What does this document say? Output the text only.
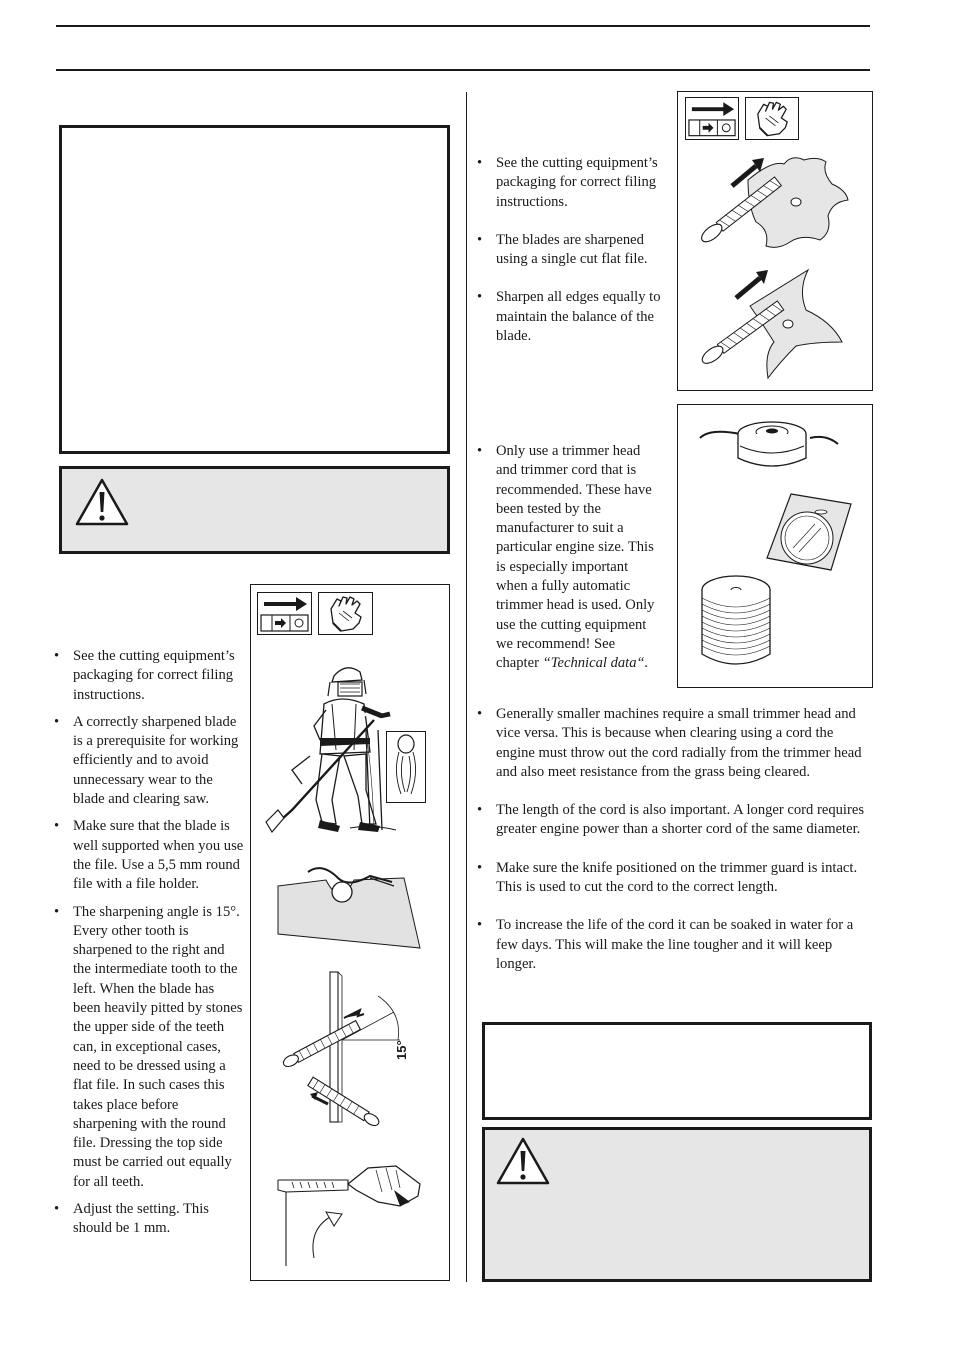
15°
• See the cutting equipment’s packaging for correct filing instructions.
• A correctly sharpened blade is a prerequisite for working efficiently and to avoid unnecessary wear to the blade and clearing saw.
• Make sure that the blade is well supported when you use the file. Use a 5,5 mm round file with a file holder.
• The sharpening angle is 15°. Every other tooth is sharpened to the right and the intermediate tooth to the left. When the blade has been heavily pitted by stones the upper side of the teeth can, in exceptional cases, need to be dressed using a flat file. In such cases this takes place before sharpening with the round file. Dressing the top side must be carried out equally for all teeth.
• Adjust the setting. This should be 1 mm.
• See the cutting equipment’s packaging for correct filing instructions.
• The blades are sharpened using a single cut flat file.
• Sharpen all edges equally to maintain the balance of the blade.
• Only use a trimmer head and trimmer cord that is recommended. These have been tested by the manufacturer to suit a particular engine size. This is especially important when a fully automatic trimmer head is used. Only use the cutting equipment we recommend! See chapter “Technical data“.
• Generally smaller machines require a small trimmer head and vice versa. This is because when clearing using a cord the engine must throw out the cord radially from the trimmer head and also meet resistance from the grass being cleared.
• The length of the cord is also important. A longer cord requires greater engine power than a shorter cord of the same diameter.
• Make sure the knife positioned on the trimmer guard is intact. This is used to cut the cord to the correct length.
• To increase the life of the cord it can be soaked in water for a few days. This will make the line tougher and it will keep longer.
